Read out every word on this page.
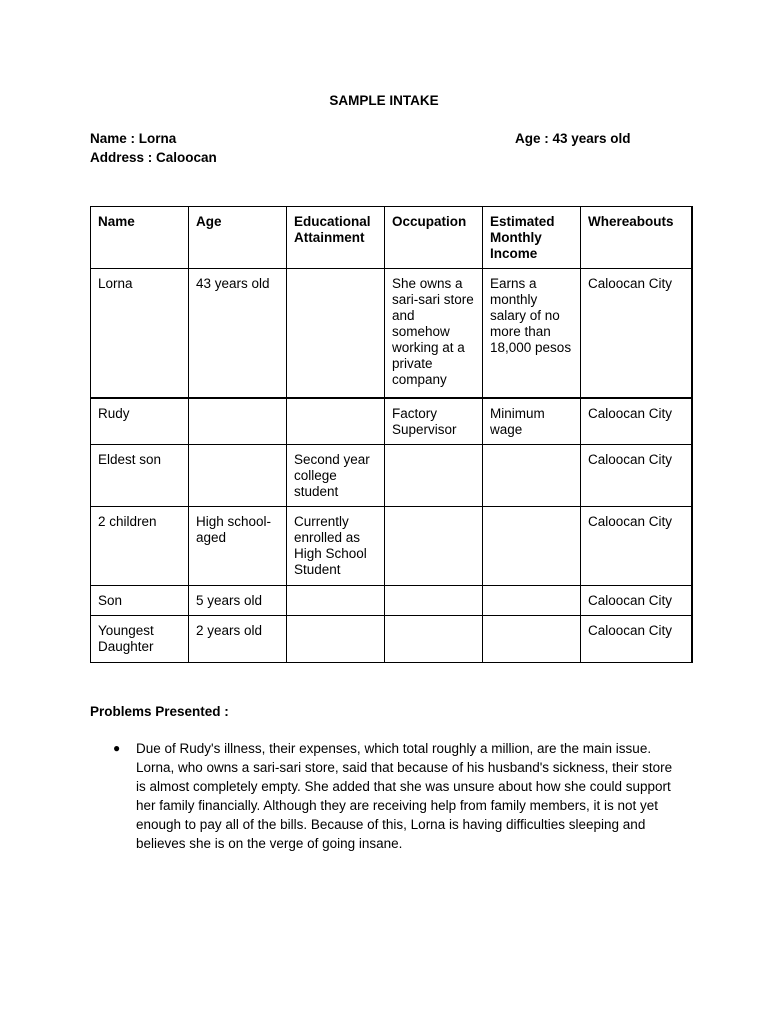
SAMPLE INTAKE
Name : Lorna
Address : Caloocan
Age : 43 years old
Name	Age	Educational Attainment	Occupation	Estimated Monthly Income	Whereabouts
Lorna	43 years old		She owns a sari-sari store and somehow working at a private company	Earns a monthly salary of no more than 18,000 pesos	Caloocan City
Rudy			Factory Supervisor	Minimum wage	Caloocan City
Eldest son		Second year college student			Caloocan City
2 children	High school-aged	Currently enrolled as High School Student			Caloocan City
Son	5 years old				Caloocan City
Youngest Daughter	2 years old				Caloocan City
Problems Presented :
● Due of Rudy's illness, their expenses, which total roughly a million, are the main issue. Lorna, who owns a sari-sari store, said that because of his husband's sickness, their store is almost completely empty. She added that she was unsure about how she could support her family financially. Although they are receiving help from family members, it is not yet enough to pay all of the bills. Because of this, Lorna is having difficulties sleeping and believes she is on the verge of going insane.
